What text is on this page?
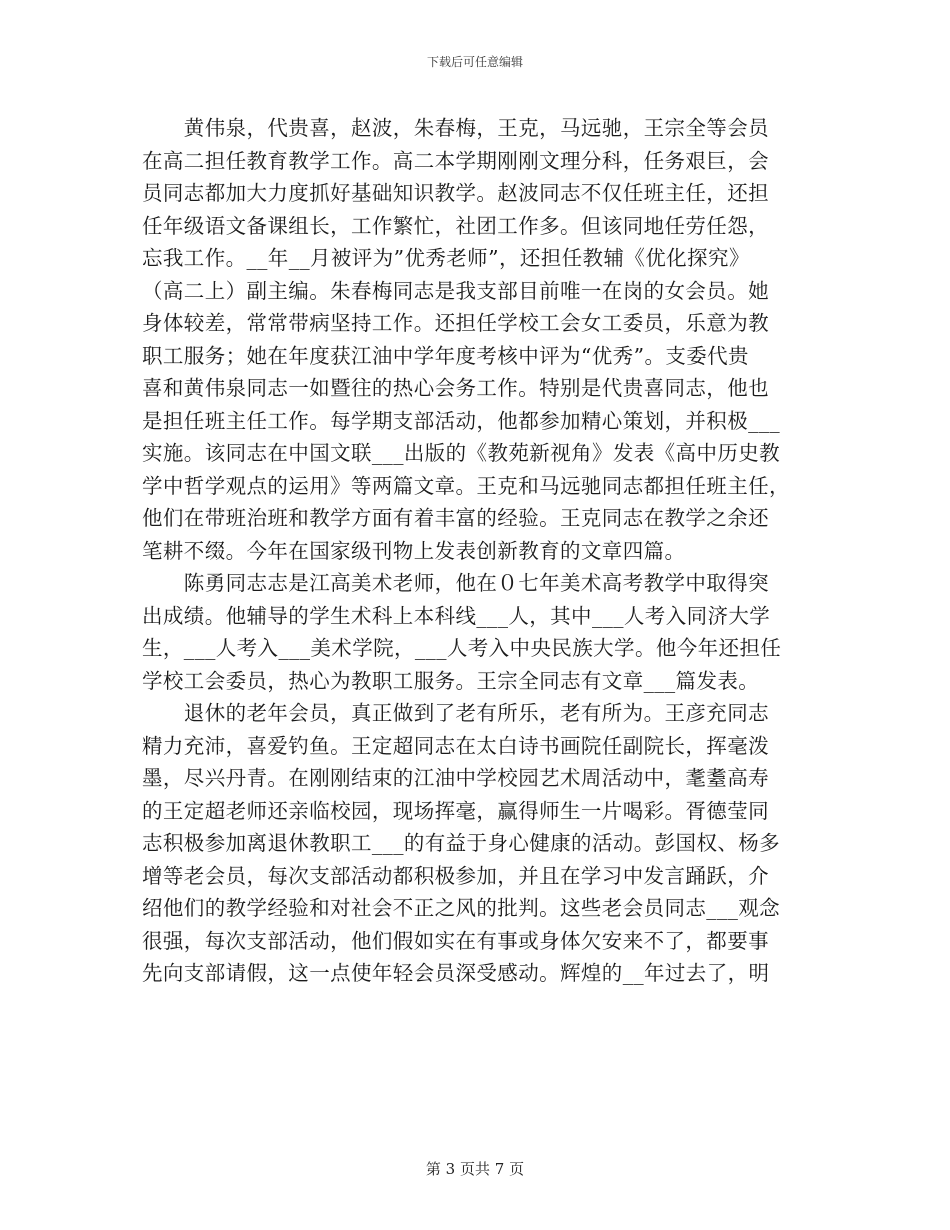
下载后可任意编辑
　　黄伟泉，代贵喜，赵波，朱春梅，王克，马远驰，王宗全等会员
在高二担任教育教学工作。高二本学期刚刚文理分科，任务艰巨，会
员同志都加大力度抓好基础知识教学。赵波同志不仅任班主任，还担
任年级语文备课组长，工作繁忙，社团工作多。但该同地任劳任怨，
忘我工作。__年__月被评为”优秀老师”，还担任教辅《优化探究》
（高二上）副主编。朱春梅同志是我支部目前唯一在岗的女会员。她
身体较差，常常带病坚持工作。还担任学校工会女工委员，乐意为教
职工服务；她在年度获江油中学年度考核中评为“优秀”。支委代贵
喜和黄伟泉同志一如暨往的热心会务工作。特别是代贵喜同志，他也
是担任班主任工作。每学期支部活动，他都参加精心策划，并积极___
实施。该同志在中国文联___出版的《教苑新视角》发表《高中历史教
学中哲学观点的运用》等两篇文章。王克和马远驰同志都担任班主任，
他们在带班治班和教学方面有着丰富的经验。王克同志在教学之余还
笔耕不缀。今年在国家级刊物上发表创新教育的文章四篇。
　　陈勇同志志是江高美术老师，他在０七年美术高考教学中取得突
出成绩。他辅导的学生术科上本科线___人，其中___人考入同济大学
生，___人考入___美术学院，___人考入中央民族大学。他今年还担任
学校工会委员，热心为教职工服务。王宗全同志有文章___篇发表。
　　退休的老年会员，真正做到了老有所乐，老有所为。王彦充同志
精力充沛，喜爱钓鱼。王定超同志在太白诗书画院任副院长，挥毫泼
墨，尽兴丹青。在刚刚结束的江油中学校园艺术周活动中，耄耋高寿
的王定超老师还亲临校园，现场挥毫，赢得师生一片喝彩。胥德莹同
志积极参加离退休教职工___的有益于身心健康的活动。彭国权、杨多
增等老会员，每次支部活动都积极参加，并且在学习中发言踊跃，介
绍他们的教学经验和对社会不正之风的批判。这些老会员同志___观念
很强，每次支部活动，他们假如实在有事或身体欠安来不了，都要事
先向支部请假，这一点使年轻会员深受感动。辉煌的__年过去了，明
第 3 页共 7 页
